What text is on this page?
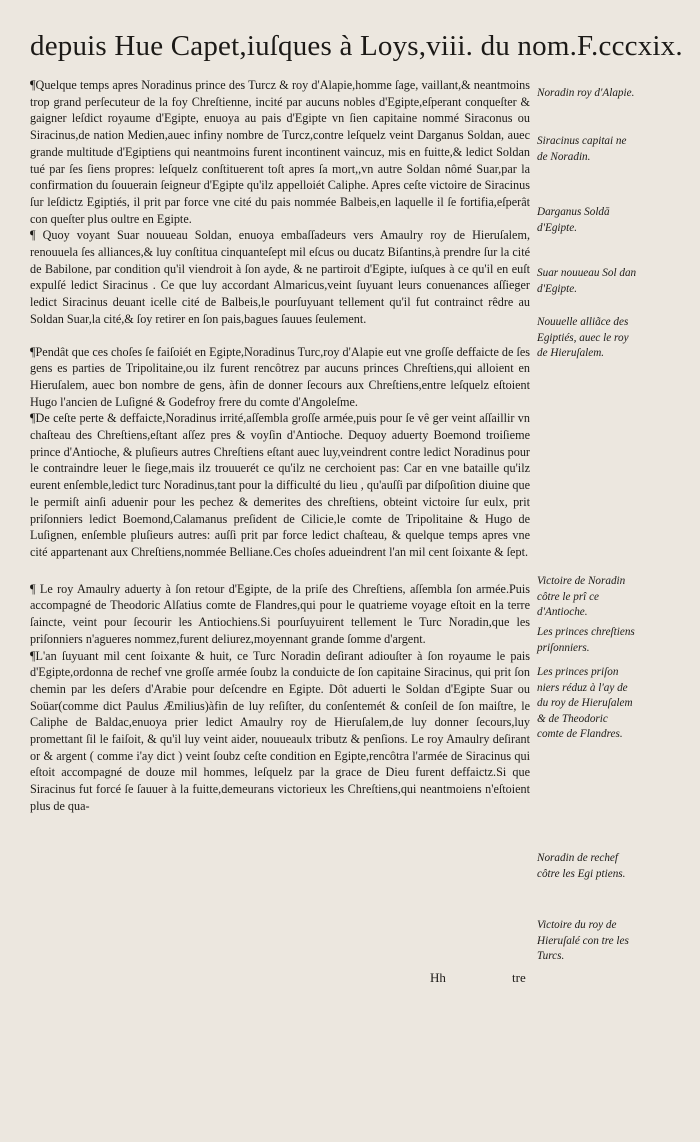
depuis Hue Capet,iuſques à Loys,viii. du nom.F.cccxix.

¶Quelque temps apres Noradinus prince des Turcz & roy d'Alapie,homme ſage, vaillant,& neantmoins trop grand perſecuteur de la foy Chreſtienne, incité par aucuns nobles d'Egipte,eſperant conqueſter & gaigner leſdict royaume d'Egipte, enuoya au pais d'Egipte vn ſien capitaine nommé Siraconus ou Siracinus,de nation Medien,auec infiny nombre de Turcz,contre leſquelz veint Darganus Soldan, auec grande multitude d'Egiptiens qui neantmoins furent incontinent vaincuz, mis en fuitte,& ledict Soldan tué par ſes ſiens propres: leſquelz conſtituerent toſt apres ſa mort,,vn autre Soldan nômé Suar,par la confirmation du ſouuerain ſeigneur d'Egipte qu'ilz appelloiét Caliphe. Apres ceſte victoire de Siracinus ſur leſdictz Egiptiés, il prit par force vne cité du pais nommée Balbeis,en laquelle il ſe fortifia,eſperât con queſter plus oultre en Egipte.

¶ Quoy voyant Suar nouueau Soldan, enuoya embaſſadeurs vers Amaulry roy de Hieruſalem, renouuela ſes alliances,& luy conſtitua cinquanteſept mil eſcus ou ducatz Biſantins,à prendre ſur la cité de Babilone, par condition qu'il viendroit à ſon ayde, & ne partiroit d'Egipte, iuſques à ce qu'il en euſt expulſé ledict Siracinus . Ce que luy accordant Almaricus,veint ſuyuant leurs conuenances aſſieger ledict Siracinus deuant icelle cité de Balbeis,le pourſuyuant tellement qu'il fut contrainct rêdre au Soldan Suar,la cité,& ſoy retirer en ſon pais,bagues ſauues ſeulement.

¶Pendât que ces choſes ſe faiſoiét en Egipte,Noradinus Turc,roy d'Alapie eut vne groſſe deffaicte de ſes gens es parties de Tripolitaine,ou ilz furent rencôtrez par aucuns princes Chreſtiens,qui alloient en Hieruſalem, auec bon nombre de gens, àfin de donner ſecours aux Chreſtiens,entre leſquelz eſtoient Hugo l'ancien de Luſigné & Godefroy frere du comte d'Angoleſme.

¶De ceſte perte & deffaicte,Noradinus irrité,aſſembla groſſe armée,puis pour ſe vê ger veint aſſaillir vn chaſteau des Chreſtiens,eſtant aſſez pres & voyſin d'Antioche. Dequoy aduerty Boemond troiſieme prince d'Antioche, & pluſieurs autres Chreſtiens eſtant auec luy,veindrent contre ledict Noradinus pour le contraindre leuer le ſiege,mais ilz trouuerét ce qu'ilz ne cerchoient pas: Car en vne bataille qu'ilz eurent enſemble,ledict turc Noradinus,tant pour la difficulté du lieu , qu'auſſi par diſpoſition diuine que le permiſt ainſi aduenir pour les pechez & demerites des chreſtiens, obteint victoire ſur eulx, prit priſonniers ledict Boemond,Calamanus preſident de Cilicie,le comte de Tripolitaine & Hugo de Luſignen, enſemble pluſieurs autres: auſſi prit par force ledict chaſteau, & quelque temps apres vne cité appartenant aux Chreſtiens,nommée Belliane.Ces choſes adueindrent l'an mil cent ſoixante & ſept.

¶ Le roy Amaulry aduerty à ſon retour d'Egipte, de la priſe des Chreſtiens, aſſembla ſon armée.Puis accompagné de Theodoric Alſatius comte de Flandres,qui pour le quatrieme voyage eſtoit en la terre ſaincte, veint pour ſecourir les Antiochiens.Si pourſuyuirent tellement le Turc Noradin,que les priſonniers n'agueres nommez,furent deliurez,moyennant grande ſomme d'argent.

¶L'an ſuyuant mil cent ſoixante & huit, ce Turc Noradin deſirant adiouſter à ſon royaume le pais d'Egipte,ordonna de rechef vne groſſe armée ſoubz la conduicte de ſon capitaine Siracinus, qui prit ſon chemin par les deſers d'Arabie pour deſcendre en Egipte. Dôt aduerti le Soldan d'Egipte Suar ou Soüar(comme dict Paulus Æmilius)àfin de luy reſiſter, du conſentemét & conſeil de ſon maiſtre, le Caliphe de Baldac,enuoya prier ledict Amaulry roy de Hieruſalem,de luy donner ſecours,luy promettant ſil le faiſoit, & qu'il luy veint aider, nouueaulx tributz & penſions. Le roy Amaulry deſirant or & argent ( comme i'ay dict ) veint ſoubz ceſte condition en Egipte,rencôtra l'armée de Siracinus qui eſtoit accompagné de douze mil hommes, leſquelz par la grace de Dieu furent deffaictz.Si que Siracinus fut forcé ſe ſauuer à la fuitte,demeurans victorieux les Chreſtiens,qui neantmoiens n'eſtoient plus de qua-

Noradin roy d'Alapie.
Siracinus capitai ne de Noradin.
Darganus Soldā d'Egipte.
Suar nouueau Sol dan d'Egipte.
Nouuelle alliãce des Egiptiés, auec le roy de Hieruſalem.
Victoire de Noradin côtre le prî ce d'Antioche.
Les princes chreſtiens priſonniers.
Les princes priſon niers réduz à l'ay de du roy de Hieruſalem & de Theodoric comte de Flandres.
Noradin de rechef côtre les Egi ptiens.
Victoire du roy de Hieruſalé con tre les Turcs.
Hh	tre
